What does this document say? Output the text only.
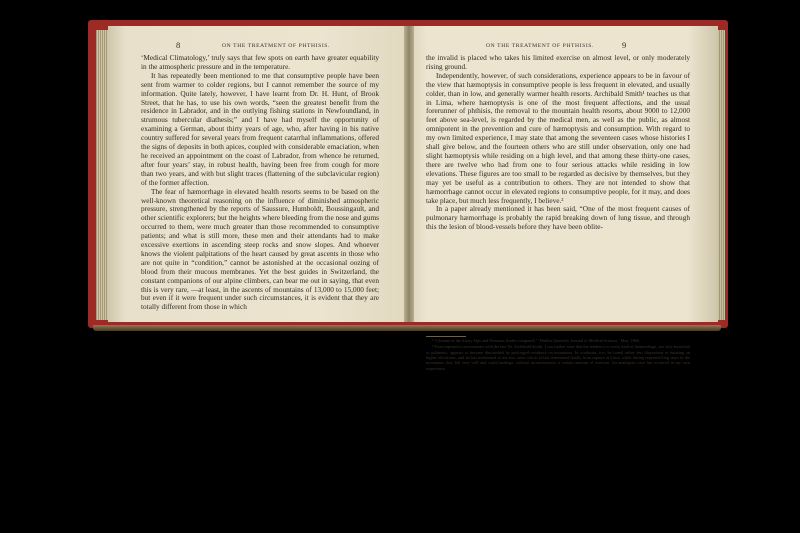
8	ON THE TREATMENT OF PHTHISIS.	ON THE TREATMENT OF PHTHISIS.	9

‘Medical Climatology,’ truly says that few spots on earth have greater equability in the atmospheric pressure and in the temperature.

It has repeatedly been mentioned to me that consumptive people have been sent from warmer to colder regions, but I cannot remember the source of my information. Quite lately, however, I have learnt from Dr. H. Hunt, of Brook Street, that he has, to use his own words, “seen the greatest benefit from the residence in Labrador, and in the outlying fishing stations in Newfoundland, in strumous tubercular diathesis;” and I have had myself the opportunity of examining a German, about thirty years of age, who, after having in his native country suffered for several years from frequent catarrhal inflammations, offered the signs of deposits in both apices, coupled with considerable emaciation, when he received an appointment on the coast of Labrador, from whence he returned, after four years’ stay, in robust health, having been free from cough for more than two years, and with but slight traces (flattening of the subclavicular region) of the former affection.

The fear of hæmorrhage in elevated health resorts seems to be based on the well-known theoretical reasoning on the influence of diminished atmospheric pressure, strengthened by the reports of Saussure, Humboldt, Boussingault, and other scientific explorers; but the heights where bleeding from the nose and gums occurred to them, were much greater than those recommended to consumptive patients; and what is still more, these men and their attendants had to make excessive exertions in ascending steep rocks and snow slopes. And whoever knows the violent palpitations of the heart caused by great ascents in those who are not quite in “condition,” cannot be astonished at the occasional oozing of blood from their mucous membranes. Yet the best guides in Switzerland, the constant companions of our alpine climbers, can bear me out in saying, that even this is very rare, —at least, in the ascents of mountains of 13,000 to 15,000 feet; but even if it were frequent under such circumstances, it is evident that they are totally different from those in which

the invalid is placed who takes his limited exercise on almost level, or only moderately rising ground.

Independently, however, of such considerations, experience appears to be in favour of the view that hæmoptysis in consumptive people is less frequent in elevated, and usually colder, than in low, and generally warmer health resorts. Archibald Smith¹ teaches us that in Lima, where hæmoptysis is one of the most frequent affections, and the usual forerunner of phthisis, the removal to the mountain health resorts, about 9000 to 12,000 feet above sea-level, is regarded by the medical men, as well as the public, as almost omnipotent in the prevention and cure of hæmoptysis and consumption. With regard to my own limited experience, I may state that among the seventeen cases whose histories I shall give below, and the fourteen others who are still under observation, only one had slight hæmoptysis while residing on a high level, and that among these thirty-one cases, there are twelve who had from one to four serious attacks while residing in low elevations. These figures are too small to be regarded as decisive by themselves, but they may yet be useful as a contribution to others. They are not intended to show that hæmorrhage cannot occur in elevated regions to consumptive people, for it may, and does take place, but much less frequently, I believe.²

In a paper already mentioned it has been said, “One of the most frequent causes of pulmonary hæmorrhage is probably the rapid breaking down of lung tissue, and through this the lesion of blood-vessels before they have been oblite-

¹ “Climate of the Swiss Alps and Peruvian Andes compared,” ‘Dublin Quarterly Journal of Medical Science,’ May, 1866.

² From repeated conversations with the late Dr. Archibald Smith, I can further state that the tendency to every kind of hæmorrhage, not only bronchial or pulmonic, appears to become diminished by prolonged residence on mountains. In scorbutus, too, he found rather less disposition to bursting on higher elevations, and he has mentioned to me two cases which at last terminated fatally from rupture at Lima, while during repeated long stays in the mountains they felt very well and could undergo, without inconvenience, a certain amount of exertion. An analogous case has occurred in my own experience.
